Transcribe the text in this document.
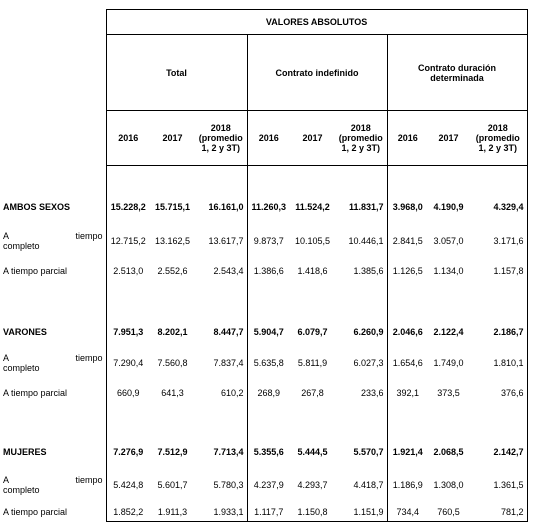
	VALORES ABSOLUTOS								
	Total			Contrato indefinido			Contrato duración determinada		
	2016	2017	2018 (promedio 1, 2 y 3T)	2016	2017	2018 (promedio 1, 2 y 3T)	2016	2017	2018 (promedio 1, 2 y 3T)

AMBOS SEXOS	15.228,2	15.715,1	16.161,0	11.260,3	11.524,2	11.831,7	3.968,0	4.190,9	4.329,4

A tiempo
completo	12.715,2	13.162,5	13.617,7	9.873,7	10.105,5	10.446,1	2.841,5	3.057,0	3.171,6
A tiempo parcial	2.513,0	2.552,6	2.543,4	1.386,6	1.418,6	1.385,6	1.126,5	1.134,0	1.157,8

VARONES	7.951,3	8.202,1	8.447,7	5.904,7	6.079,7	6.260,9	2.046,6	2.122,4	2.186,7

A tiempo
completo	7.290,4	7.560,8	7.837,4	5.635,8	5.811,9	6.027,3	1.654,6	1.749,0	1.810,1
A tiempo parcial	660,9	641,3	610,2	268,9	267,8	233,6	392,1	373,5	376,6

MUJERES	7.276,9	7.512,9	7.713,4	5.355,6	5.444,5	5.570,7	1.921,4	2.068,5	2.142,7

A tiempo
completo	5.424,8	5.601,7	5.780,3	4.237,9	4.293,7	4.418,7	1.186,9	1.308,0	1.361,5
A tiempo parcial	1.852,2	1.911,3	1.933,1	1.117,7	1.150,8	1.151,9	734,4	760,5	781,2
